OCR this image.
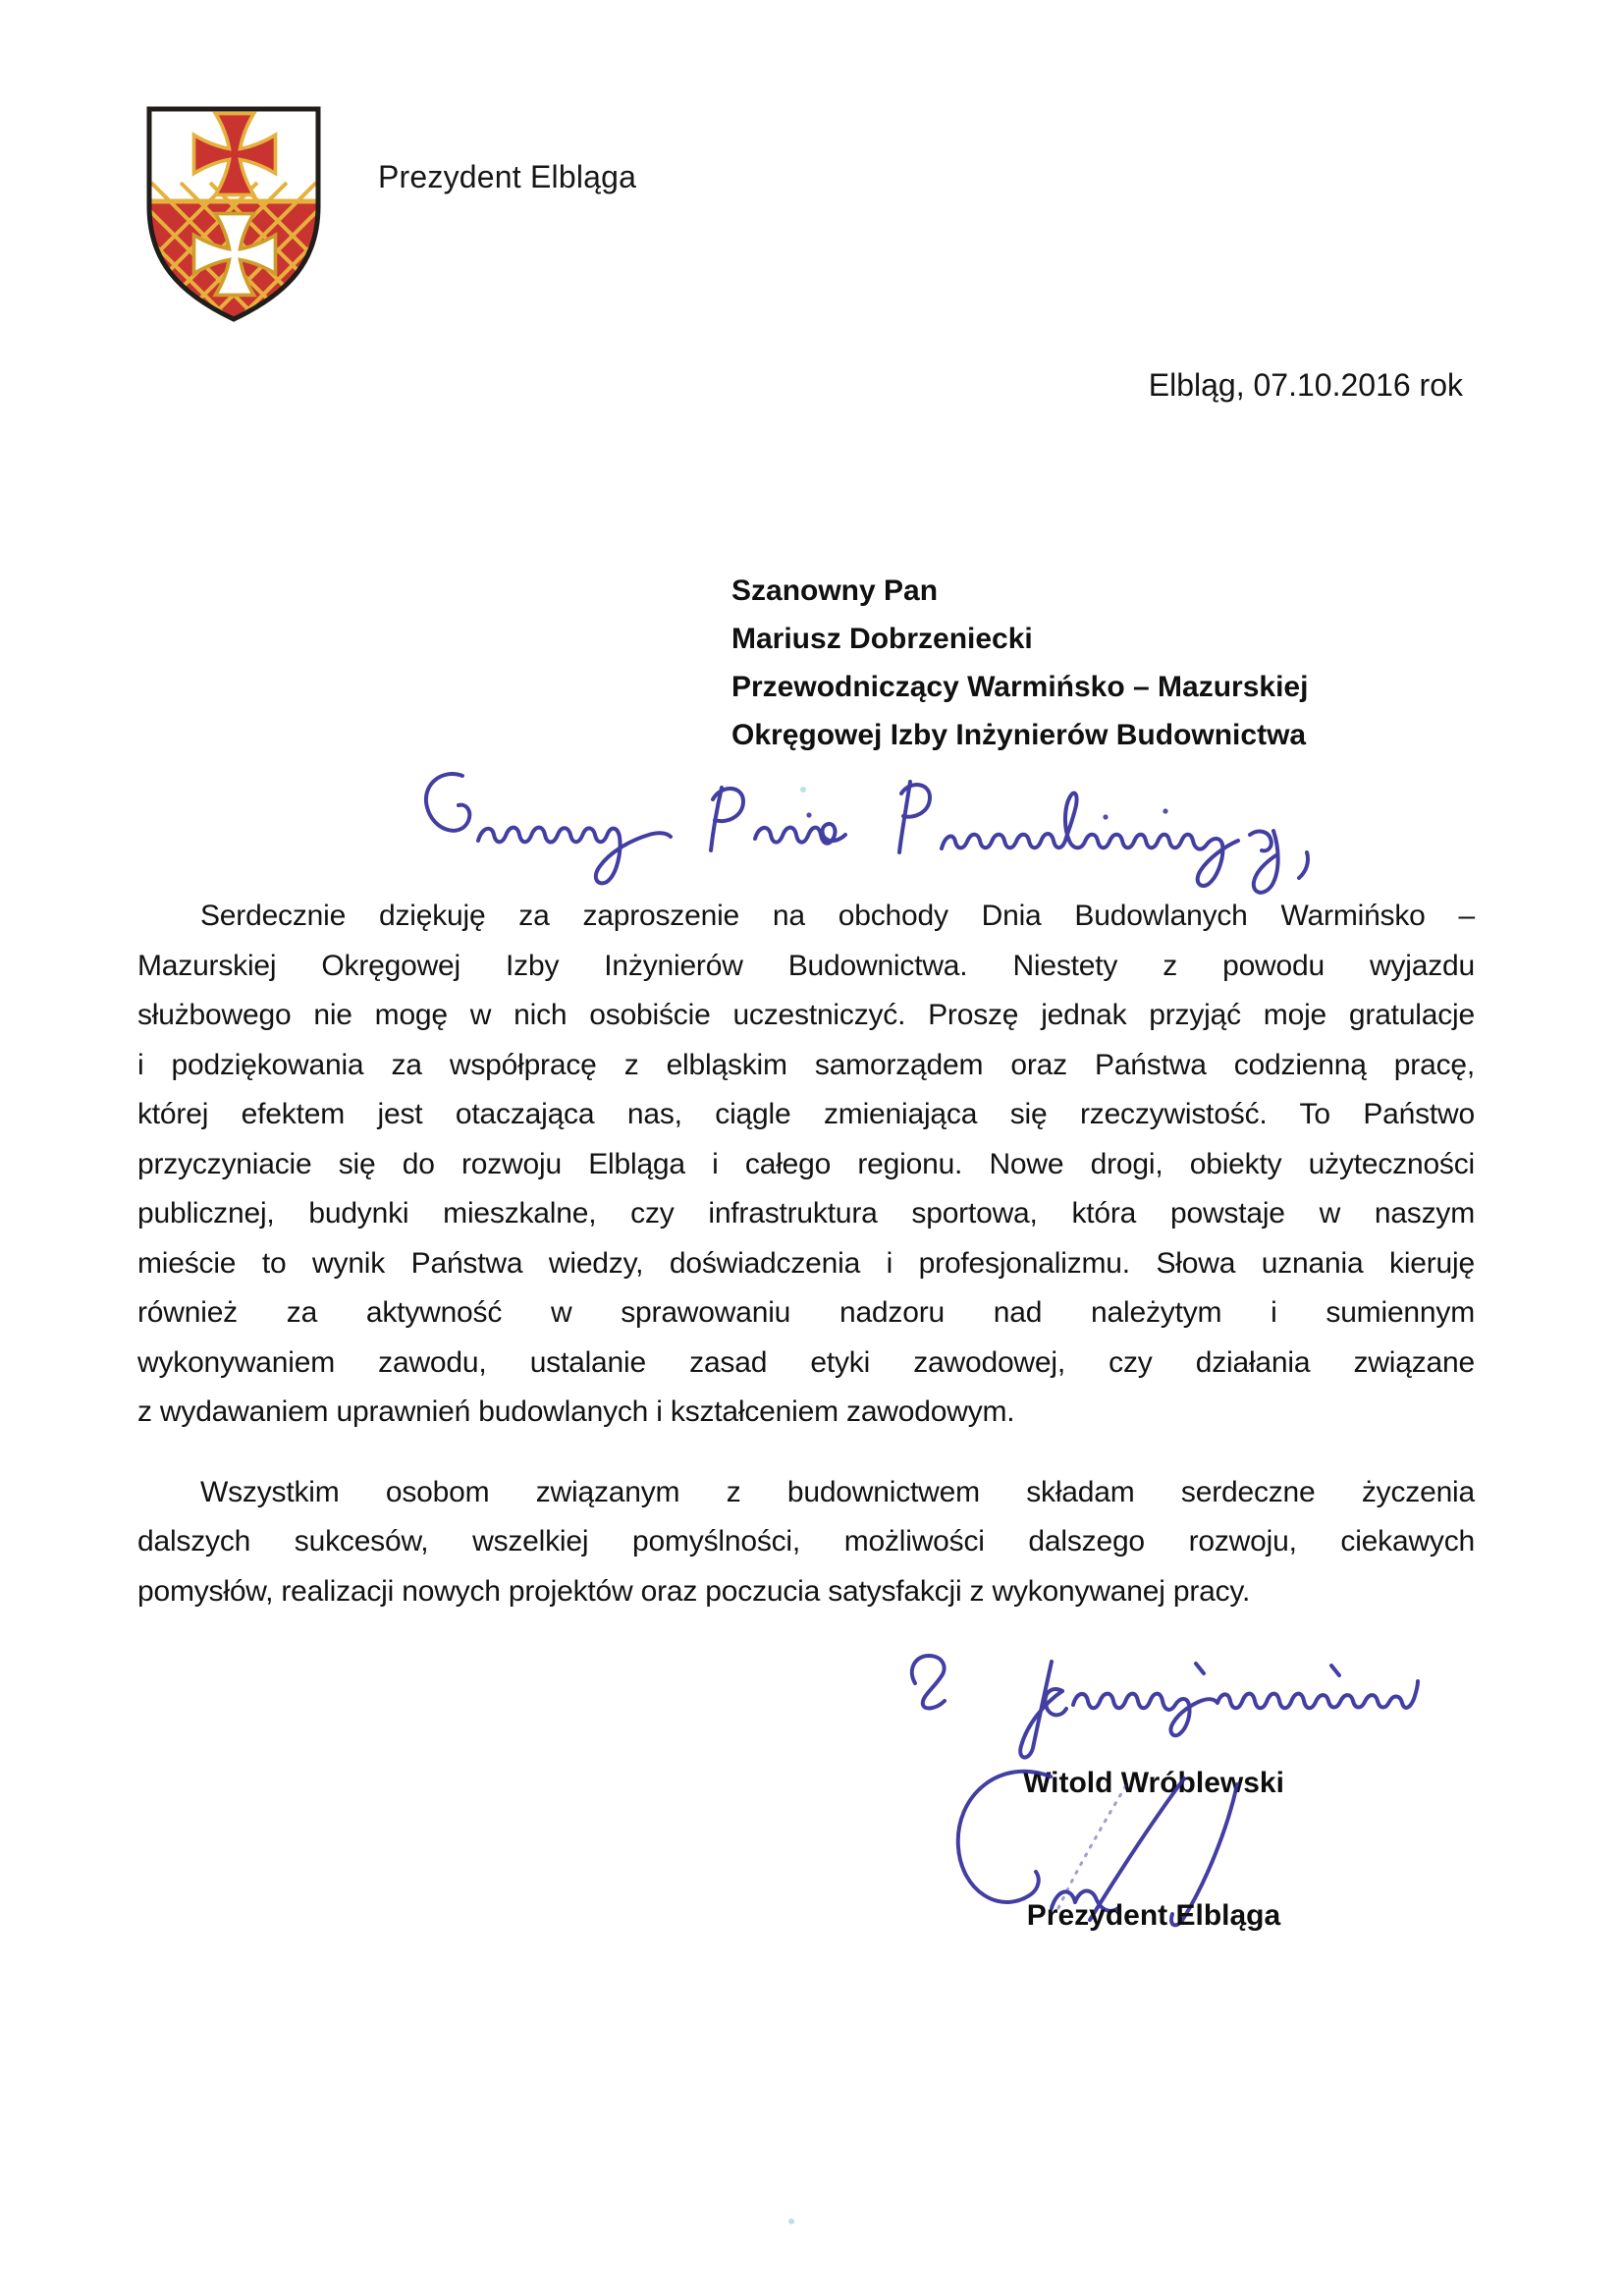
Prezydent Elbląga
Elbląg, 07.10.2016 rok
Szanowny Pan
Mariusz Dobrzeniecki
Przewodniczący Warmińsko – Mazurskiej
Okręgowej Izby Inżynierów Budownictwa
Serdecznie dziękuję za zaproszenie na obchody Dnia Budowlanych Warmińsko –
Mazurskiej Okręgowej Izby Inżynierów Budownictwa. Niestety z powodu wyjazdu
służbowego nie mogę w nich osobiście uczestniczyć. Proszę jednak przyjąć moje gratulacje
i podziękowania za współpracę z elbląskim samorządem oraz Państwa codzienną pracę,
której efektem jest otaczająca nas, ciągle zmieniająca się rzeczywistość. To Państwo
przyczyniacie się do rozwoju Elbląga i całego regionu. Nowe drogi, obiekty użyteczności
publicznej, budynki mieszkalne, czy infrastruktura sportowa, która powstaje w naszym
mieście to wynik Państwa wiedzy, doświadczenia i profesjonalizmu. Słowa uznania kieruję
również za aktywność w sprawowaniu nadzoru nad należytym i sumiennym
wykonywaniem zawodu, ustalanie zasad etyki zawodowej, czy działania związane
z wydawaniem uprawnień budowlanych i kształceniem zawodowym.
Wszystkim osobom związanym z budownictwem składam serdeczne życzenia
dalszych sukcesów, wszelkiej pomyślności, możliwości dalszego rozwoju, ciekawych
pomysłów, realizacji nowych projektów oraz poczucia satysfakcji z wykonywanej pracy.
Witold Wróblewski
Prezydent Elbląga
